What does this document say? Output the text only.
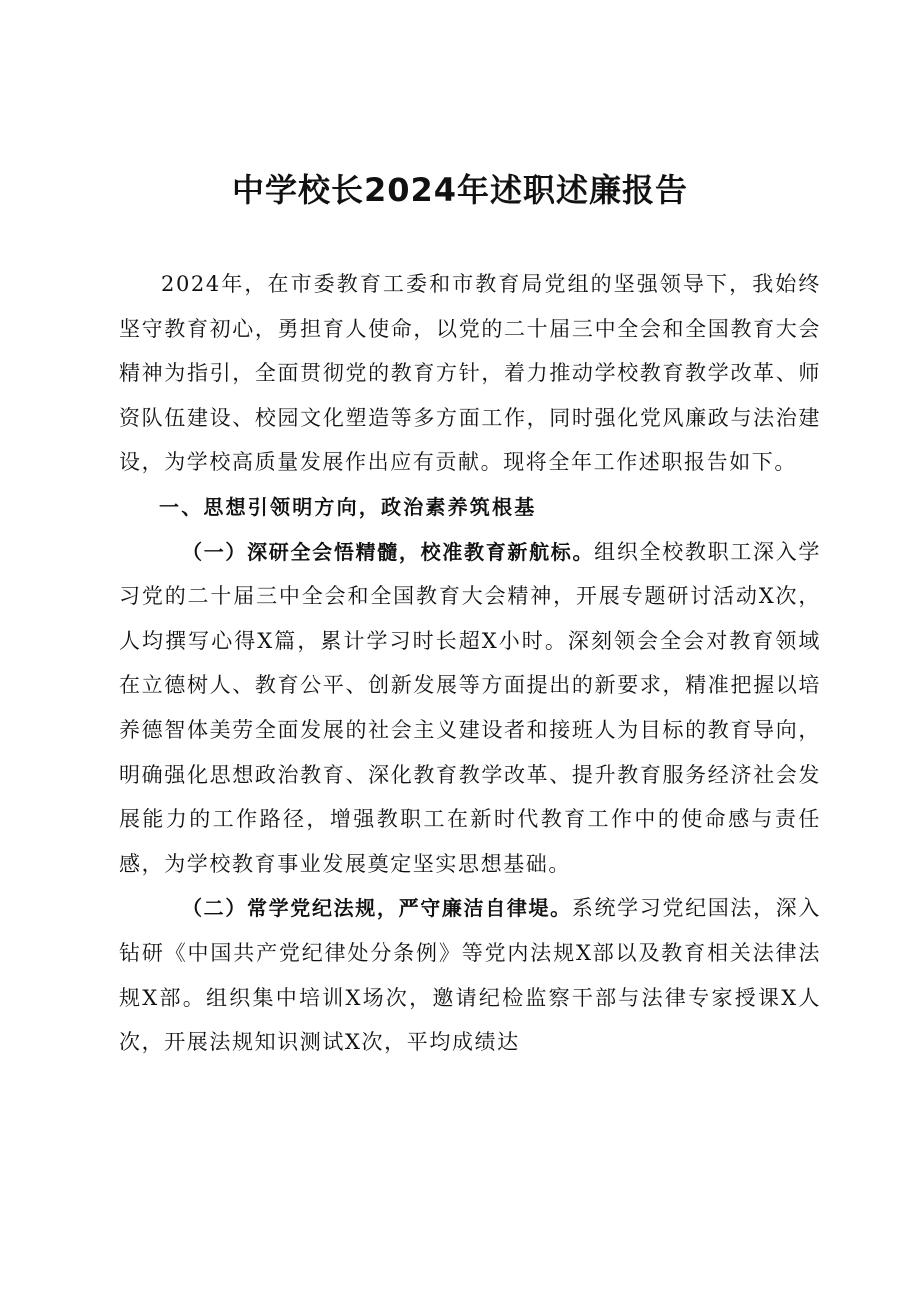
中学校长2024年述职述廉报告

2024年，在市委教育工委和市教育局党组的坚强领导下，我始终坚守教育初心，勇担育人使命，以党的二十届三中全会和全国教育大会精神为指引，全面贯彻党的教育方针，着力推动学校教育教学改革、师资队伍建设、校园文化塑造等多方面工作，同时强化党风廉政与法治建设，为学校高质量发展作出应有贡献。现将全年工作述职报告如下。

一、思想引领明方向，政治素养筑根基

（一）深研全会悟精髓，校准教育新航标。组织全校教职工深入学习党的二十届三中全会和全国教育大会精神，开展专题研讨活动X次，人均撰写心得X篇，累计学习时长超X小时。深刻领会全会对教育领域在立德树人、教育公平、创新发展等方面提出的新要求，精准把握以培养德智体美劳全面发展的社会主义建设者和接班人为目标的教育导向，明确强化思想政治教育、深化教育教学改革、提升教育服务经济社会发展能力的工作路径，增强教职工在新时代教育工作中的使命感与责任感，为学校教育事业发展奠定坚实思想基础。

（二）常学党纪法规，严守廉洁自律堤。系统学习党纪国法，深入钻研《中国共产党纪律处分条例》等党内法规X部以及教育相关法律法规X部。组织集中培训X场次，邀请纪检监察干部与法律专家授课X人次，开展法规知识测试X次，平均成绩达
